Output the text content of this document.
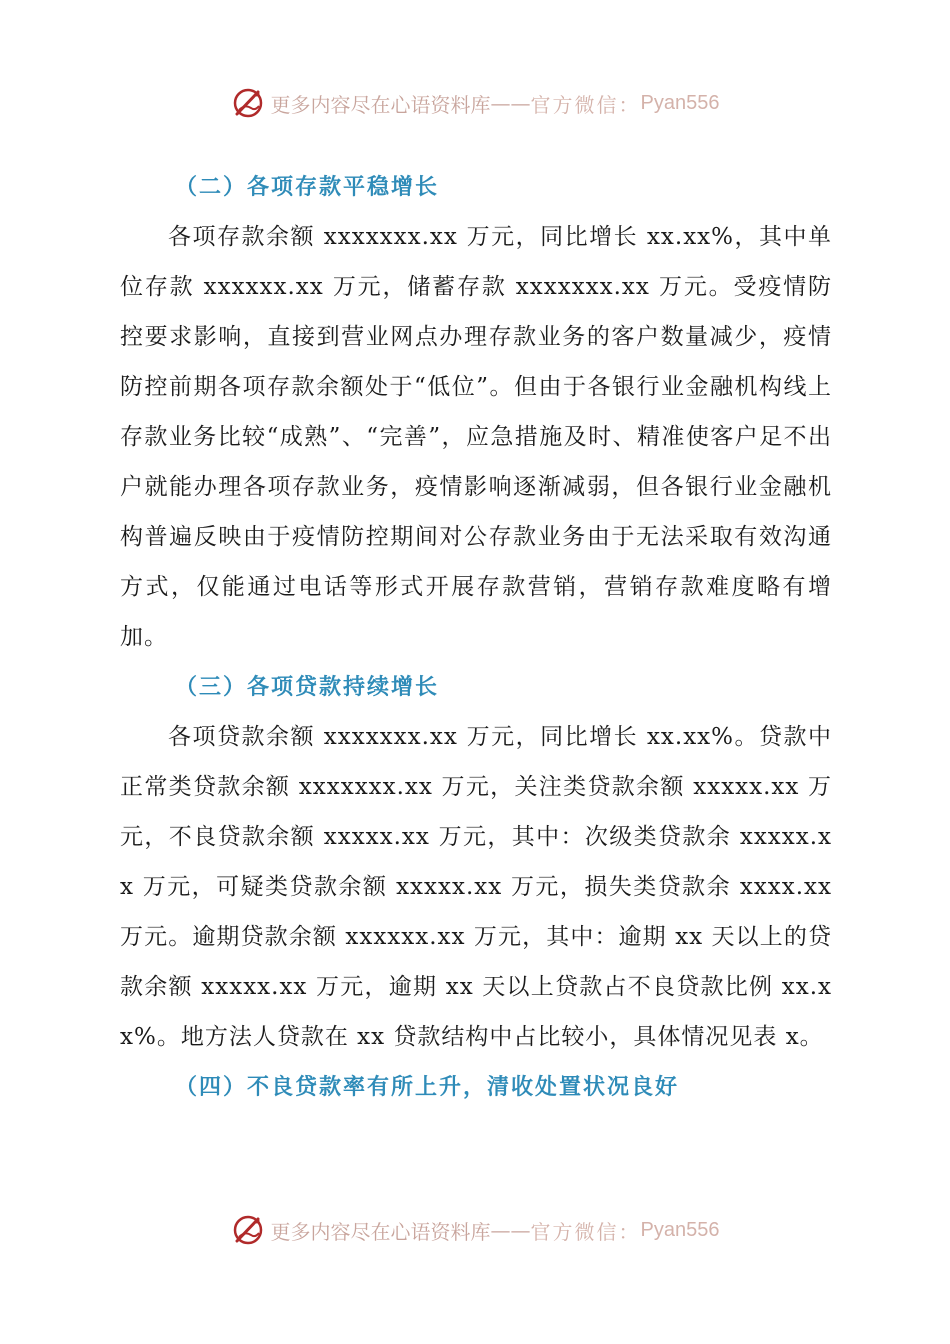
更多内容尽在心语资料库 —— 官方微信： Pyan556
（二）各项存款平稳增长

各项存款余额 xxxxxxx.xx 万元，同比增长 xx.xx%，其中单位存款 xxxxxx.xx 万元，储蓄存款 xxxxxxx.xx 万元。受疫情防控要求影响，直接到营业网点办理存款业务的客户数量减少，疫情防控前期各项存款余额处于“低位”。但由于各银行业金融机构线上存款业务比较“成熟”、“完善”，应急措施及时、精准使客户足不出户就能办理各项存款业务，疫情影响逐渐减弱，但各银行业金融机构普遍反映由于疫情防控期间对公存款业务由于无法采取有效沟通方式，仅能通过电话等形式开展存款营销，营销存款难度略有增加。

（三）各项贷款持续增长

各项贷款余额 xxxxxxx.xx 万元，同比增长 xx.xx%。贷款中正常类贷款余额 xxxxxxx.xx 万元，关注类贷款余额 xxxxx.xx 万元，不良贷款余额 xxxxx.xx 万元，其中：次级类贷款余 xxxxx.xx 万元，可疑类贷款余额 xxxxx.xx 万元，损失类贷款余 xxxx.xx 万元。逾期贷款余额 xxxxxx.xx 万元，其中：逾期 xx 天以上的贷款余额 xxxxx.xx 万元，逾期 xx 天以上贷款占不良贷款比例 xx.xx%。地方法人贷款在 xx 贷款结构中占比较小，具体情况见表 x。

（四）不良贷款率有所上升，清收处置状况良好
更多内容尽在心语资料库 —— 官方微信： Pyan556
